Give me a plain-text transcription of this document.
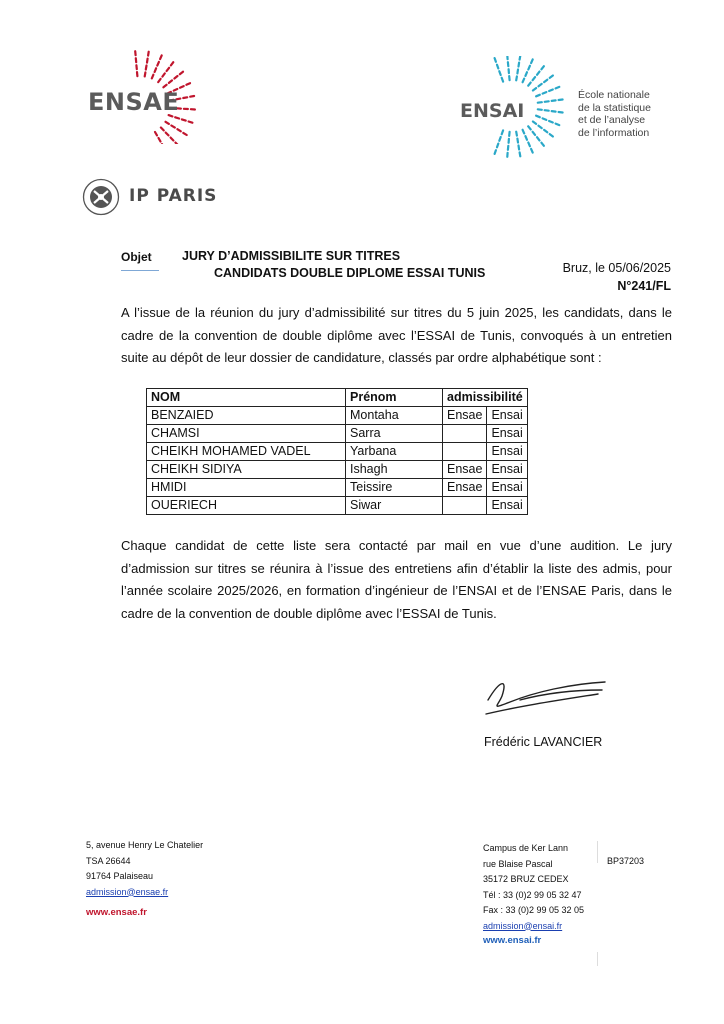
ENSAE
IP PARIS
ENSAI
École nationale
de la statistique
et de l’analyse
de l’information
Objet JURY D’ADMISSIBILITE SUR TITRES
CANDIDATS DOUBLE DIPLOME ESSAI TUNIS	Bruz, le 05/06/2025
N°241/FL
A l’issue de la réunion du jury d’admissibilité sur titres du 5 juin 2025, les candidats, dans le cadre de la convention de double diplôme avec l’ESSAI de Tunis, convoqués à un entretien suite au dépôt de leur dossier de candidature, classés par ordre alphabétique sont :
NOM	Prénom	admissibilité	
BENZAIED	Montaha	Ensae	Ensai
CHAMSI	Sarra		Ensai
CHEIKH MOHAMED VADEL	Yarbana		Ensai
CHEIKH SIDIYA	Ishagh	Ensae	Ensai
HMIDI	Teissire	Ensae	Ensai
OUERIECH	Siwar		Ensai
Chaque candidat de cette liste sera contacté par mail en vue d’une audition. Le jury d’admission sur titres se réunira à l’issue des entretiens afin d’établir la liste des admis, pour l’année scolaire 2025/2026, en formation d’ingénieur de l’ENSAI et de l’ENSAE Paris, dans le cadre de la convention de double diplôme avec l’ESSAI de Tunis.
Frédéric LAVANCIER
5, avenue Henry Le Chatelier
TSA 26644
91764 Palaiseau
admission@ensae.fr
www.ensae.fr
Campus de Ker Lann
rue Blaise Pascal
35172 BRUZ CEDEX
Tél : 33 (0)2 99 05 32 47
Fax : 33 (0)2 99 05 32 05
admission@ensai.fr
BP37203
www.ensai.fr
